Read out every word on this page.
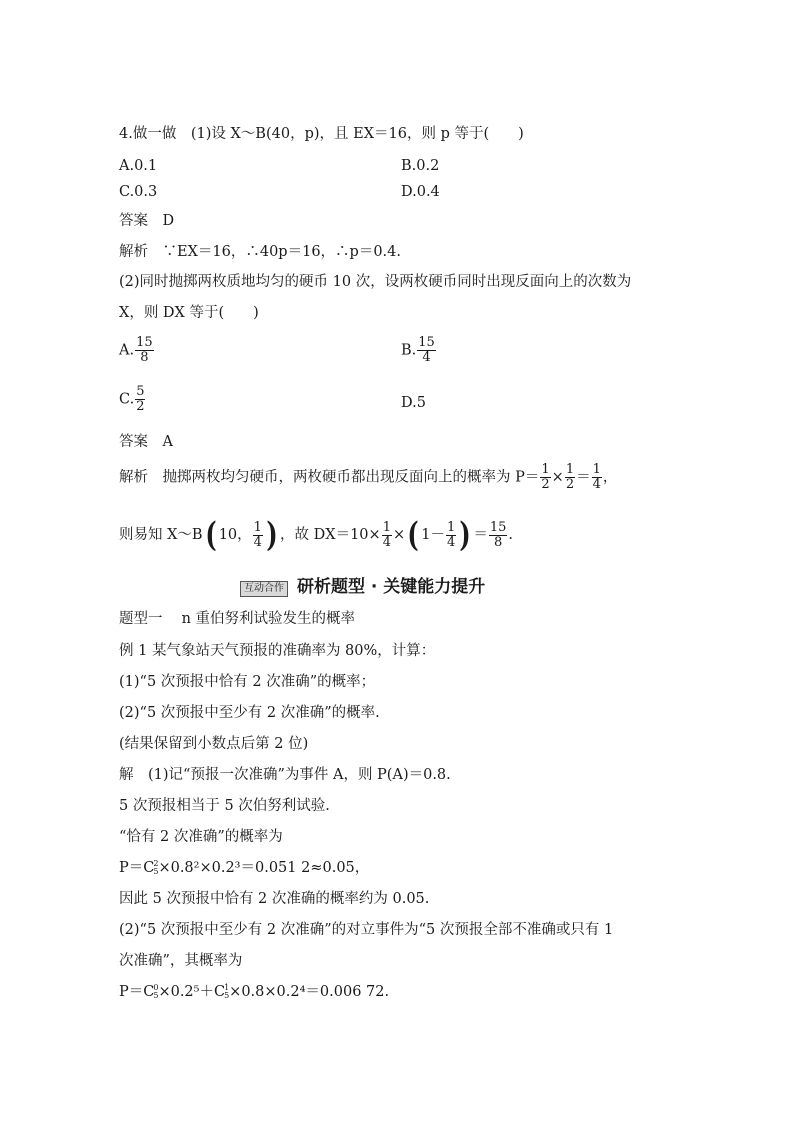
4.做一做　(1)设 X～B(40，p)，且 EX＝16，则 p 等于(　　)
A.0.1	B.0.2
C.0.3	D.0.4
答案　D
解析　∵EX＝16，∴40p＝16，∴p＝0.4.
(2)同时抛掷两枚质地均匀的硬币 10 次，设两枚硬币同时出现反面向上的次数为
X，则 DX 等于(　　)
A. $\frac{15}{8}$	B. $\frac{15}{4}$
C. $\frac{5}{2}$	D.5
答案　A
解析　抛掷两枚均匀硬币，两枚硬币都出现反面向上的概率为 $P= \frac{1}{2} \times \frac{1}{2} = \frac{1}{4}$ ，
则易知 X～B( 10， $\frac{1}{4}$ ) ，故 $DX=10\times \frac{1}{4}$ ×( $1- \frac{1}{4}$ ) ＝ $\frac{15}{8}$ .
互动合作 研析题型 · 关键能力提升
题型一　 n 重伯努利试验发生的概率
例 1 某气象站天气预报的准确率为 80%，计算：
(1)“5 次预报中恰有 2 次准确”的概率；
(2)“5 次预报中至少有 2 次准确”的概率.
(结果保留到小数点后第 2 位)
解　(1)记“预报一次准确”为事件 A，则 P(A)＝0.8.
5 次预报相当于 5 次伯努利试验.
“恰有 2 次准确”的概率为
P＝C 2
5 ×0.8²×0.2³＝0.051 2≈0.05，
因此 5 次预报中恰有 2 次准确的概率约为 0.05.
(2)“5 次预报中至少有 2 次准确”的对立事件为“5 次预报全部不准确或只有 1
次准确”，其概率为
P＝C 0
5 ×0.2⁵＋C 1
5 ×0.8×0.2⁴＝0.006 72.
